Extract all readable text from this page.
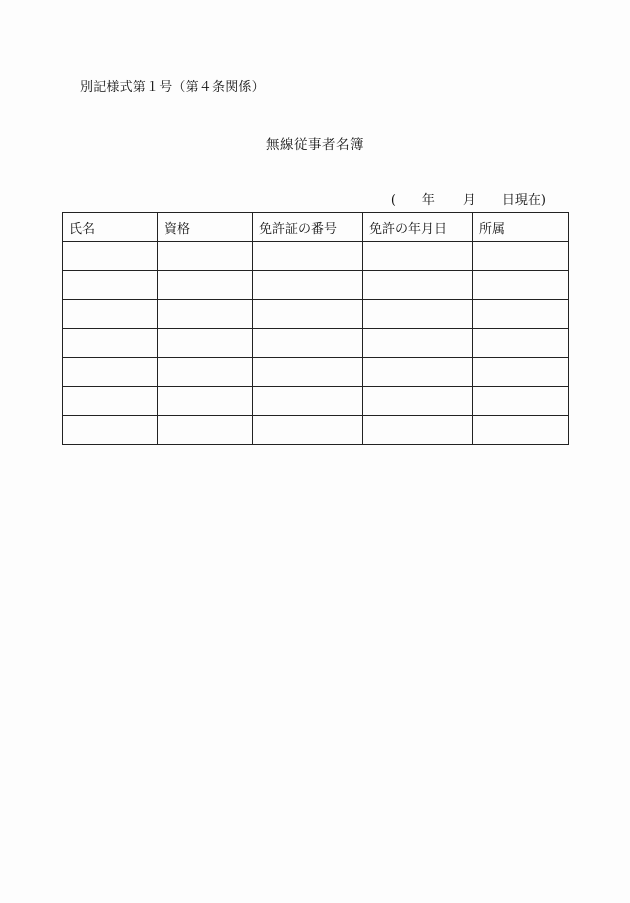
別記様式第１号（第４条関係）
無線従事者名簿
( 年 月 日現在)
氏名	資格	免許証の番号	免許の年月日	所属
